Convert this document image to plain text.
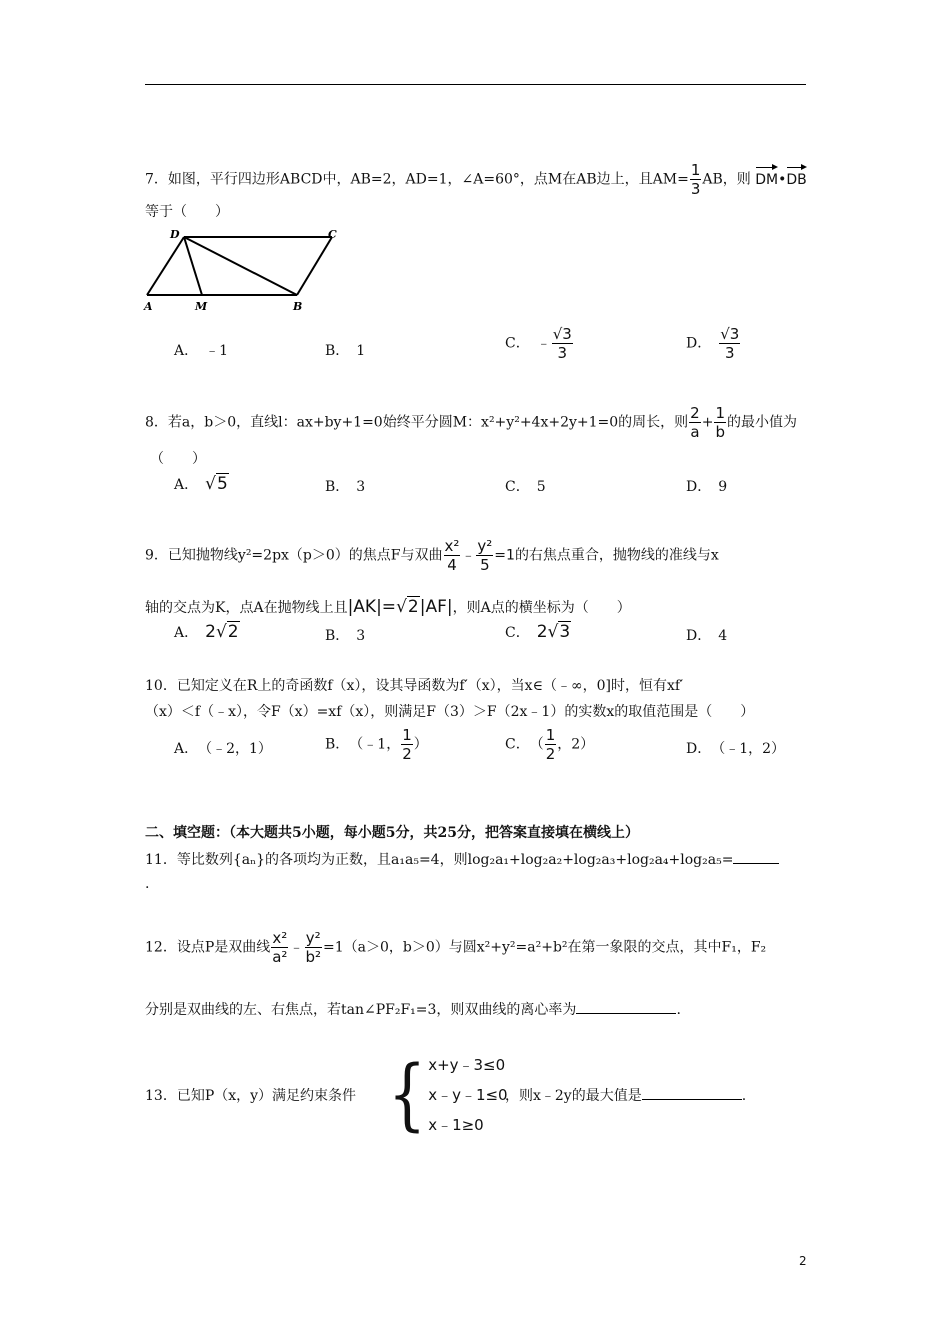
7．如图，平行四边形ABCD中，AB=2，AD=1，∠A=60°，点M在AB边上，且$AM= \frac{1}{3}$ AB，则 DM•DB
等于（　　）
A	M	B
C
D
A．　﹣1	B．　1	C．　﹣ $\frac{√3}{3}$	D．　 $\frac{√3}{3}$
8．若a，b＞0，直线l：ax+by+1=0始终平分圆M：x²+y²+4x+2y+1=0的周长，则 $\frac{2}{a} + \frac{1}{b}$ 的最小值为
（　　）
A．　 √5	B．　3	C．　5	D．　9
9．已知抛物线y²=2px（p＞0）的焦点F与双曲 $\frac{\text{x²}}{4}$ ﹣ $\frac{\text{y²}}{5} =1$的右焦点重合，抛物线的准线与x
轴的交点为K，点A在抛物线上且|AK|=√2|AF|，则A点的横坐标为（　　）
A．　 2√2	B．　3	C．　 2√3	D．　4
10．已知定义在R上的奇函数f（x），设其导函数为f′（x），当x∈（﹣∞，0]时，恒有xf′
（x）＜f（﹣x），令F（x）=xf（x），则满足F（3）＞F（2x﹣1）的实数x的取值范围是（　　）
A．　（﹣2，1）	B．　（﹣1， $\frac{1}{2}$ ）	C．　（ $\frac{1}{2}$ ，2）	D．　（﹣1，2）
二、填空题：（本大题共5小题，每小题5分，共25分，把答案直接填在横线上）
11．等比数列{aₙ}的各项均为正数，且a₁a₅=4，则log₂a₁+log₂a₂+log₂a₃+log₂a₄+log₂a₅=
.
12．设点P是双曲线 $\frac{\text{x²}}{\text{a²}}$ ﹣ $\frac{\text{y²}}{\text{b²}} =1(a>0$，b＞0）与圆x²+y²=a²+b²在第一象限的交点，其中F₁，F₂
分别是双曲线的左、右焦点，若tan∠PF₂F₁=3，则双曲线的离心率为	.
13．已知P（x，y）满足约束条件 { x+y﹣3≤0
x﹣y﹣1≤0
x﹣1≥0
，则x﹣2y的最大值是	.
2
